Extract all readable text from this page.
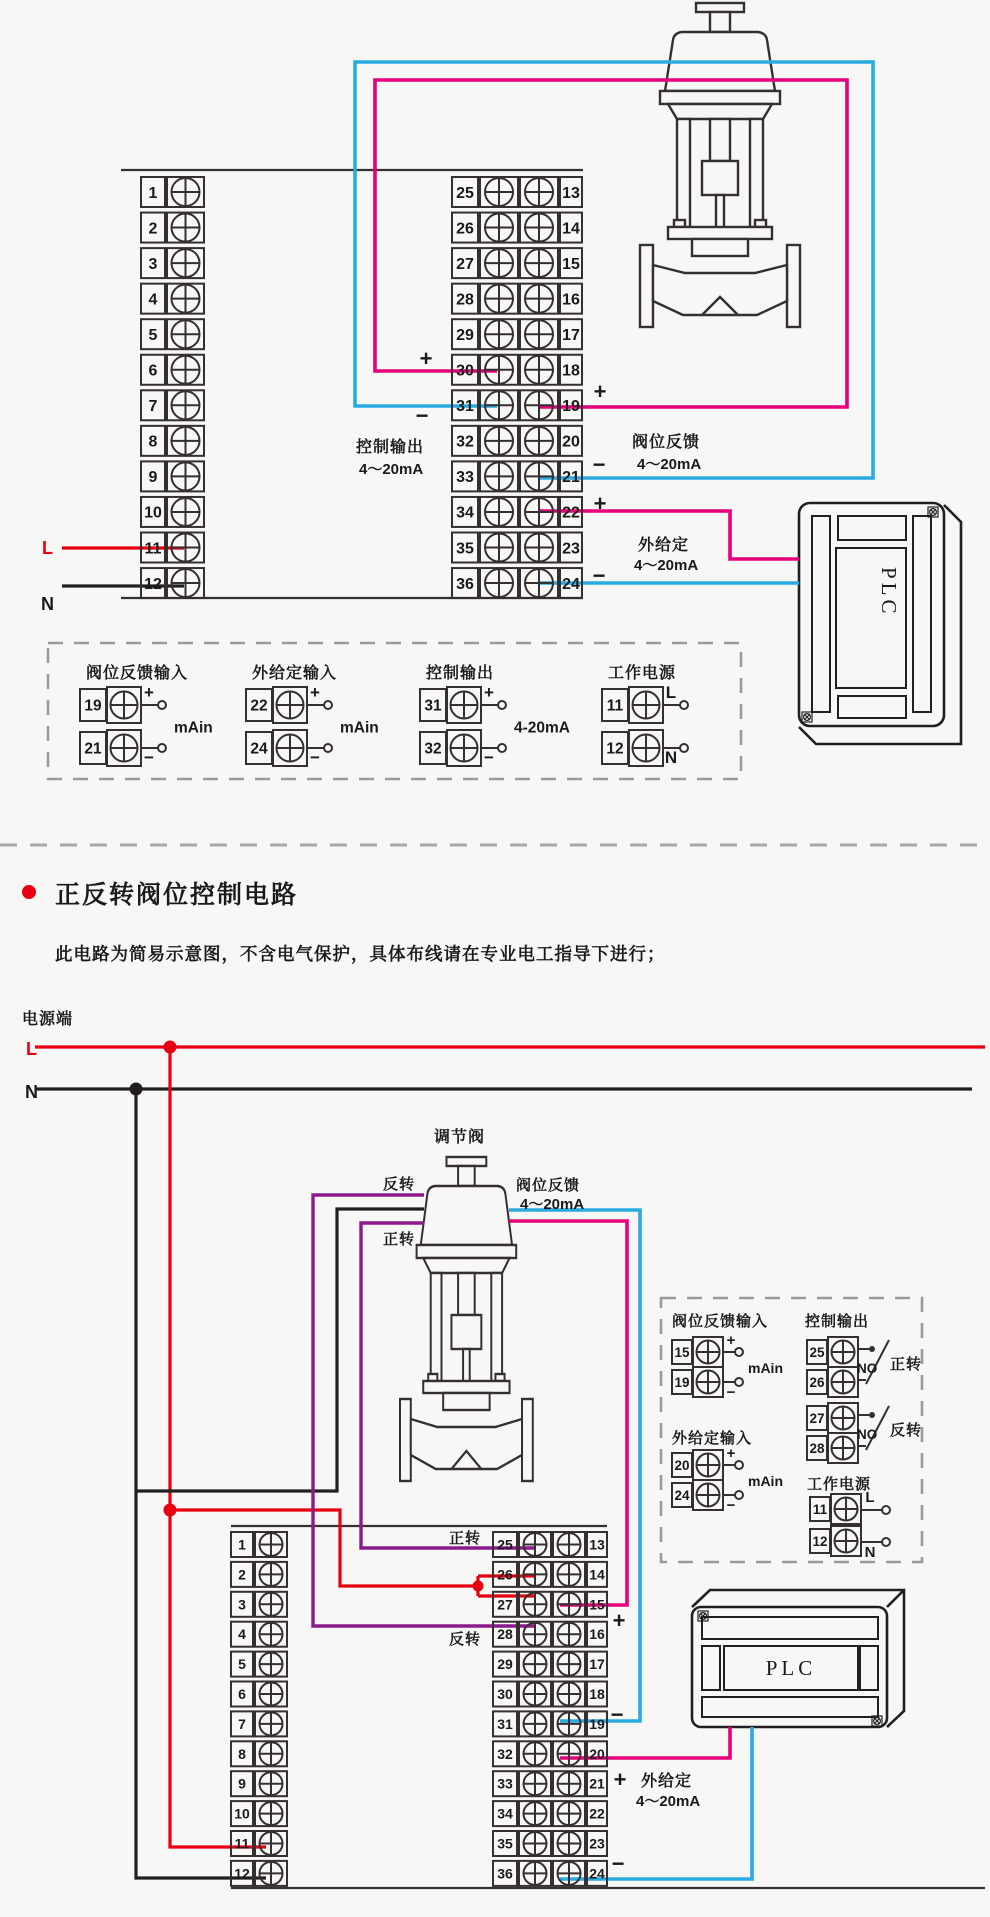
PLC
L
N
+
−
控制输出
4～20mA
+
阀位反馈
4～20mA
−
+
外给定
4～20mA
−
阀位反馈输入
19
+
21 −
mAin
外给定输入
22
+
24 −
mAin
控制输出
31
+
32 −
4-20mA
工作电源
11
L
12 N
1
2
3
4
5
6
7
8
9
10
11
12
25	13
26	14
27	15
28	16
29	17
30	18
31	19
32	20
33	21
34	22
35	23
36	24
正反转阀位控制电路
此电路为简易示意图，不含电气保护，具体布线请在专业电工指导下进行；
电源端
L
N
调节阀
PLC
反转
正转
阀位反馈
4～20mA
正转
反转
+
−
+ 外给定
4～20mA
−
阀位反馈输入
15
+
19
−
mAin
外给定输入
20
+
24
−
mAin
控制输出
25
26
NO 正转
27
28
NO 反转
工作电源
11
L
12
N
1
2
3
4
5
6
7
8
9
10
11
12
25	13
26	14
27	15
28	16
29	17
30	18
31	19
32	20
33	21
34	22
35	23
36	24
